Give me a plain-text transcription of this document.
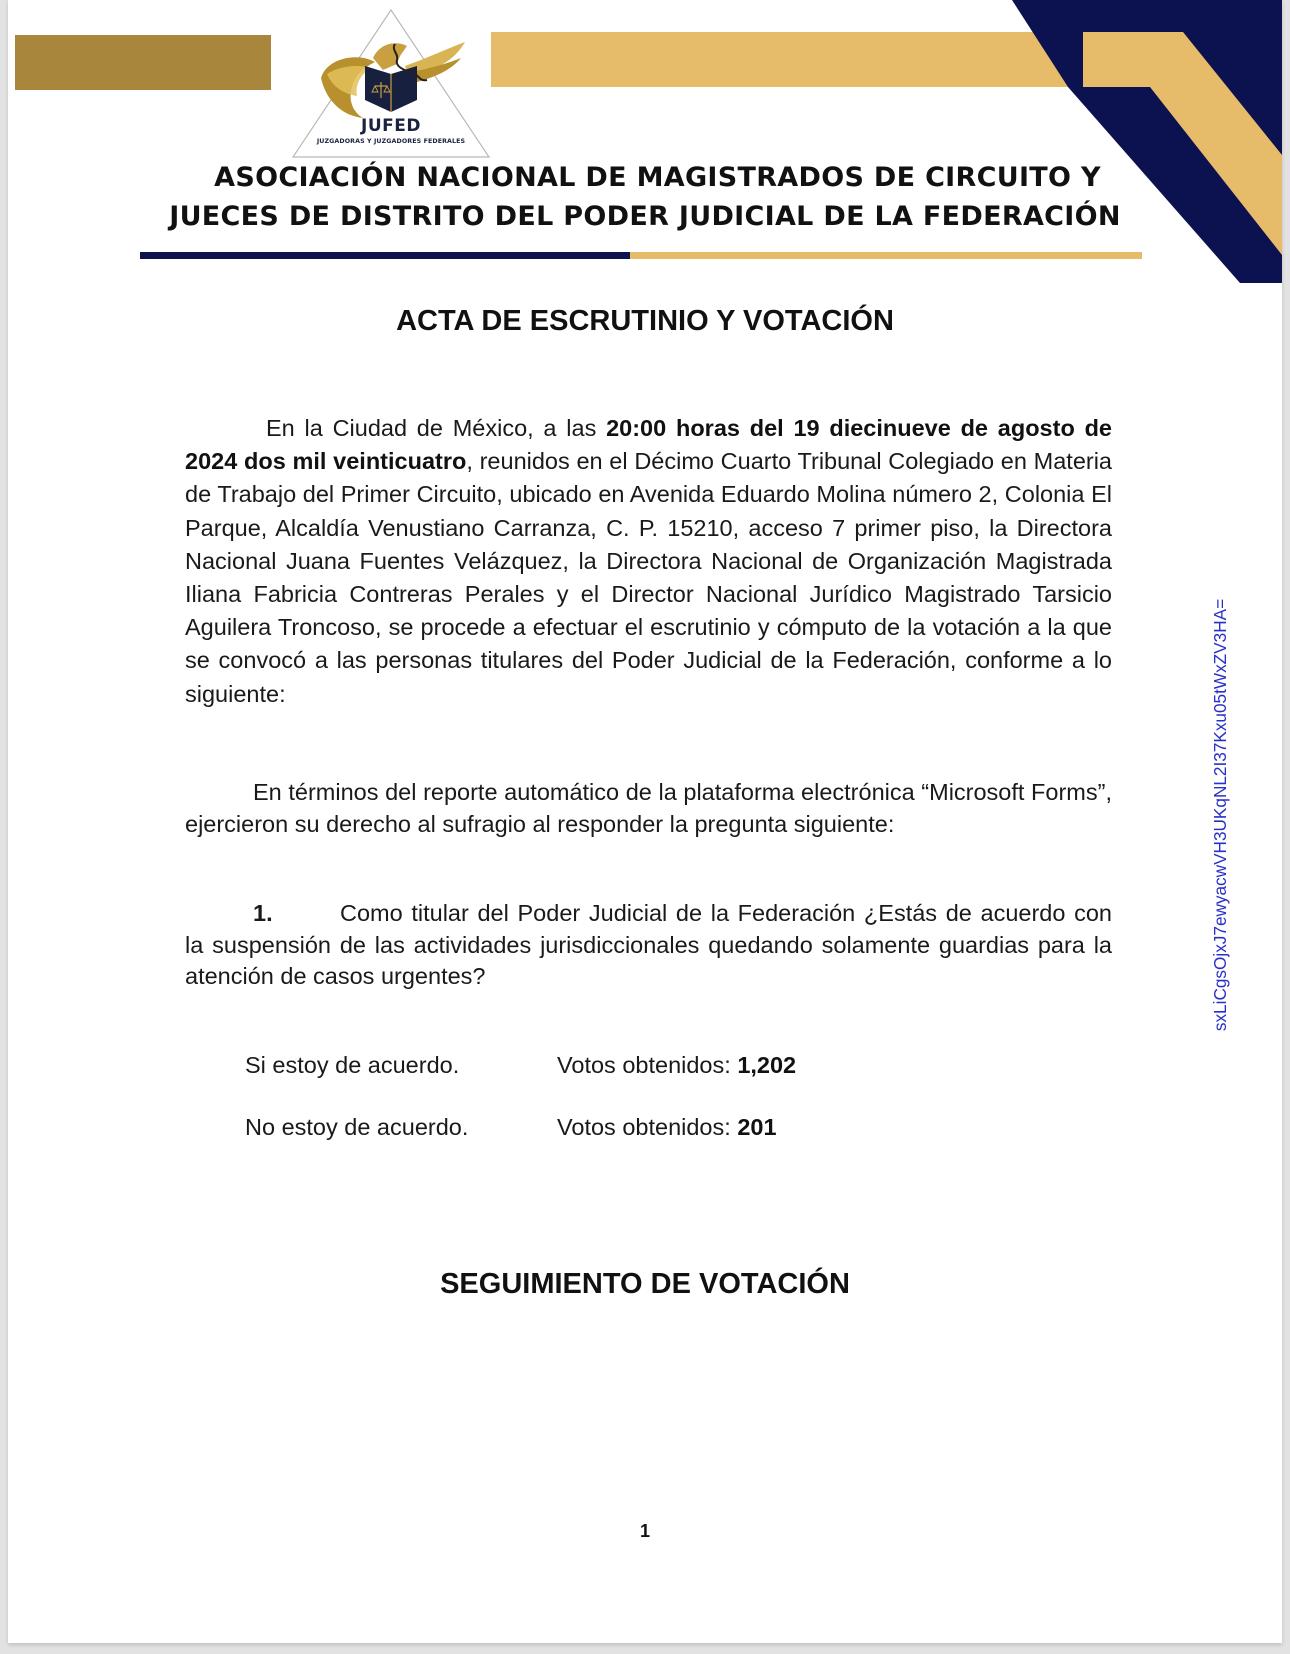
JUFED
JUZGADORAS Y JUZGADORES FEDERALES
ASOCIACIÓN NACIONAL DE MAGISTRADOS DE CIRCUITO Y
JUECES DE DISTRITO DEL PODER JUDICIAL DE LA FEDERACIÓN
ACTA DE ESCRUTINIO Y VOTACIÓN
En la Ciudad de México, a las 20:00 horas del 19 diecinueve de agosto de 2024 dos mil veinticuatro, reunidos en el Décimo Cuarto Tribunal Colegiado en Materia de Trabajo del Primer Circuito, ubicado en Avenida Eduardo Molina número 2, Colonia El Parque, Alcaldía Venustiano Carranza, C. P. 15210, acceso 7 primer piso, la Directora Nacional Juana Fuentes Velázquez, la Directora Nacional de Organización Magistrada Iliana Fabricia Contreras Perales y el Director Nacional Jurídico Magistrado Tarsicio Aguilera Troncoso, se procede a efectuar el escrutinio y cómputo de la votación a la que se convocó a las personas titulares del Poder Judicial de la Federación, conforme a lo siguiente:
En términos del reporte automático de la plataforma electrónica “Microsoft Forms”, ejercieron su derecho al sufragio al responder la pregunta siguiente:
1.	Como titular del Poder Judicial de la Federación ¿Estás de acuerdo con la suspensión de las actividades jurisdiccionales quedando solamente guardias para la atención de casos urgentes?
Si estoy de acuerdo.	Votos obtenidos: 1,202
No estoy de acuerdo.	Votos obtenidos: 201
SEGUIMIENTO DE VOTACIÓN
1
sxLiCgsOjxJ7ewyacwVH3UKqNL2I37Kxu05tWxZV3HA=
